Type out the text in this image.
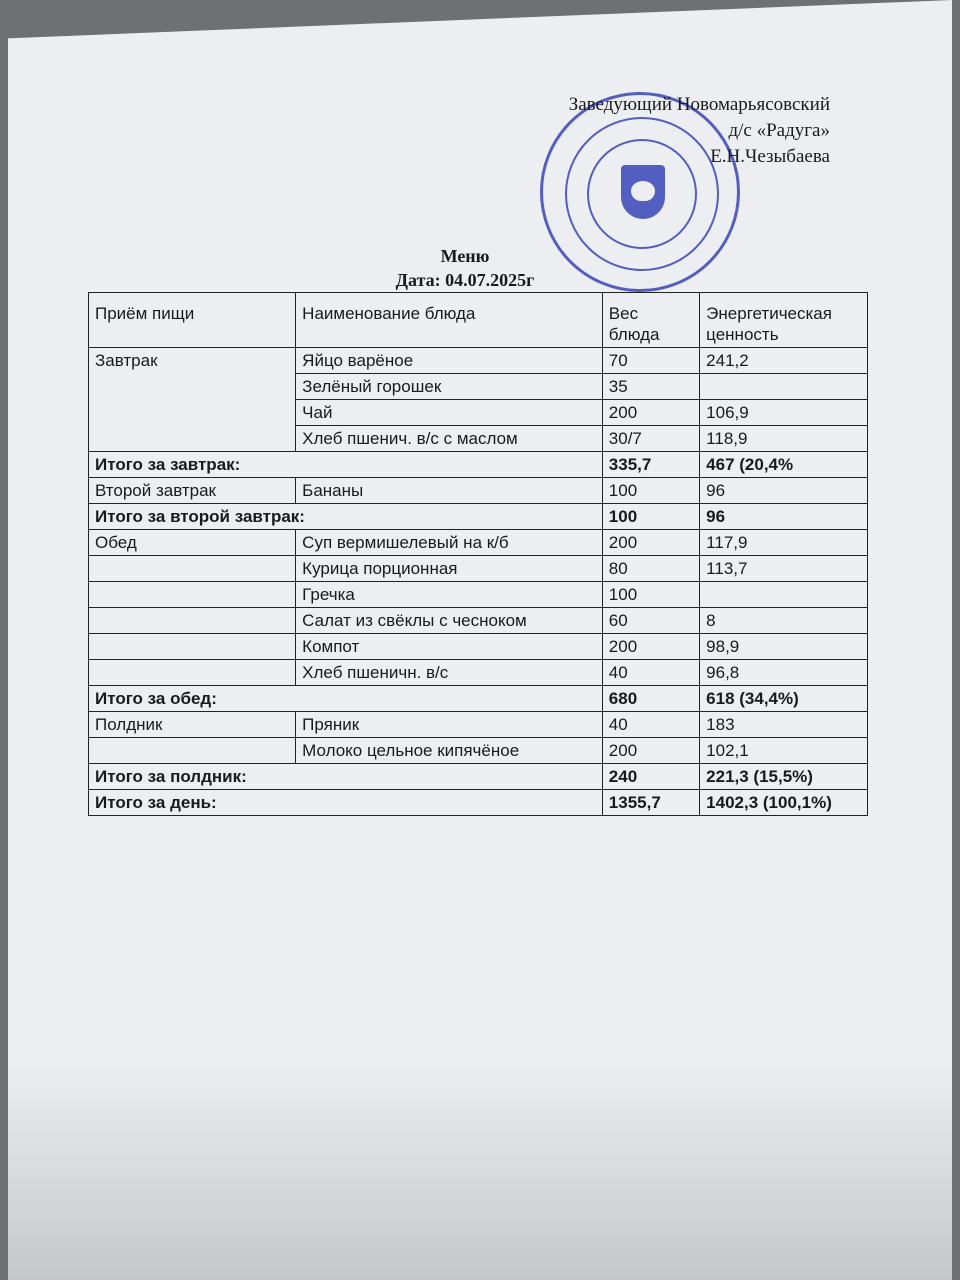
Заведующий Новомарьясовский
д/с «Радуга»
Е.Н.Чезыбаева
Меню
Дата: 04.07.2025г
Приём пищи	Наименование блюда	Вес блюда	Энергетическая ценность
Завтрак	Яйцо варёное	70	241,2
	Зелёный горошек	35	
	Чай	200	106,9
	Хлеб пшенич. в/с с маслом	30/7	118,9
Итого за завтрак:		335,7	467 (20,4%
Второй завтрак	Бананы	100	96
Итого за второй завтрак:		100	96
Обед	Суп вермишелевый на к/б	200	117,9
	Курица порционная	80	113,7
	Гречка	100	
	Салат из свёклы с чесноком	60	8
	Компот	200	98,9
	Хлеб пшеничн. в/с	40	96,8
Итого за обед:		680	618 (34,4%)
Полдник	Пряник	40	183
	Молоко цельное кипячёное	200	102,1
Итого за полдник:		240	221,3 (15,5%)
Итого за день:		1355,7	1402,3 (100,1%)
